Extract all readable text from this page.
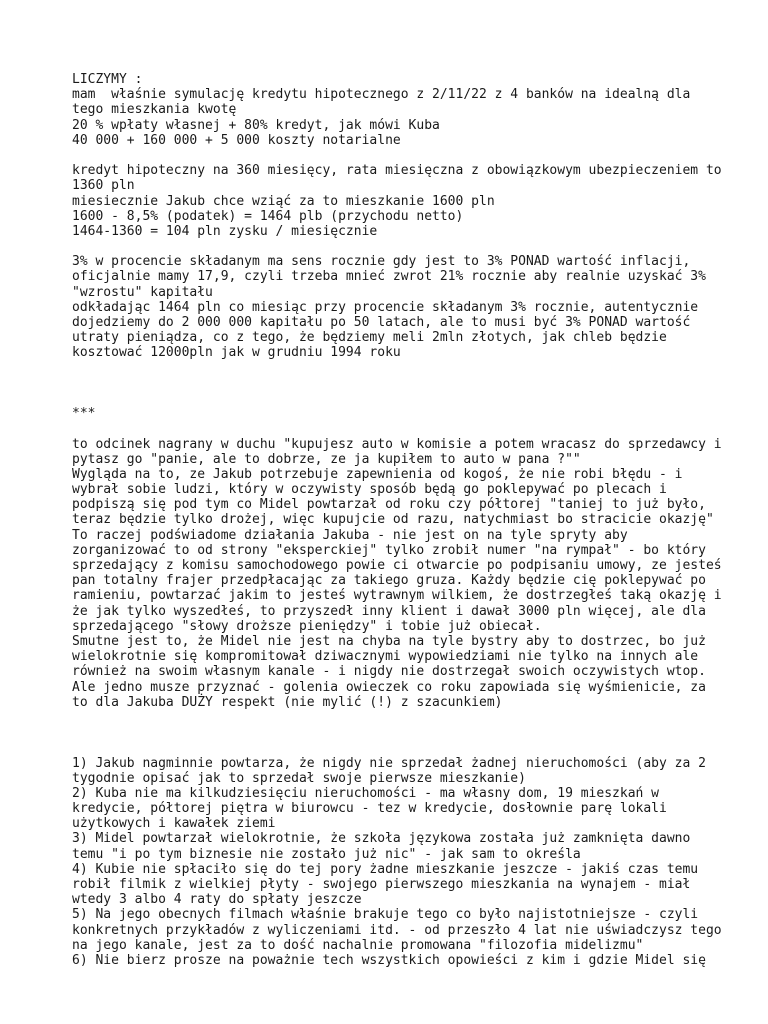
LICZYMY :
mam  właśnie symulację kredytu hipotecznego z 2/11/22 z 4 banków na idealną dla
tego mieszkania kwotę
20 % wpłaty własnej + 80% kredyt, jak mówi Kuba
40 000 + 160 000 + 5 000 koszty notarialne
kredyt hipoteczny na 360 miesięcy, rata miesięczna z obowiązkowym ubezpieczeniem to
1360 pln
miesiecznie Jakub chce wziąć za to mieszkanie 1600 pln
1600 - 8,5% (podatek) = 1464 plb (przychodu netto)
1464-1360 = 104 pln zysku / miesięcznie
3% w procencie składanym ma sens rocznie gdy jest to 3% PONAD wartość inflacji,
oficjalnie mamy 17,9, czyli trzeba mnieć zwrot 21% rocznie aby realnie uzyskać 3%
"wzrostu" kapitału
odkładając 1464 pln co miesiąc przy procencie składanym 3% rocznie, autentycznie
dojedziemy do 2 000 000 kapitału po 50 latach, ale to musi być 3% PONAD wartość
utraty pieniądza, co z tego, że będziemy meli 2mln złotych, jak chleb będzie
kosztować 12000pln jak w grudniu 1994 roku
***
to odcinek nagrany w duchu "kupujesz auto w komisie a potem wracasz do sprzedawcy i
pytasz go "panie, ale to dobrze, ze ja kupiłem to auto w pana ?""
Wygląda na to, ze Jakub potrzebuje zapewnienia od kogoś, że nie robi błędu - i
wybrał sobie ludzi, który w oczywisty sposób będą go poklepywać po plecach i
podpiszą się pod tym co Midel powtarzał od roku czy półtorej "taniej to już było,
teraz będzie tylko drożej, więc kupujcie od razu, natychmiast bo stracicie okazję"
To raczej podświadome działania Jakuba - nie jest on na tyle spryty aby
zorganizować to od strony "eksperckiej" tylko zrobił numer "na rympał" - bo który
sprzedający z komisu samochodowego powie ci otwarcie po podpisaniu umowy, ze jesteś
pan totalny frajer przedpłacając za takiego gruza. Każdy będzie cię poklepywać po
ramieniu, powtarzać jakim to jesteś wytrawnym wilkiem, że dostrzegłeś taką okazję i
że jak tylko wyszedłeś, to przyszedł inny klient i dawał 3000 pln więcej, ale dla
sprzedającego "słowy droższe pieniędzy" i tobie już obiecał.
Smutne jest to, że Midel nie jest na chyba na tyle bystry aby to dostrzec, bo już
wielokrotnie się kompromitował dziwacznymi wypowiedziami nie tylko na innych ale
również na swoim własnym kanale - i nigdy nie dostrzegał swoich oczywistych wtop.
Ale jedno musze przyznać - golenia owieczek co roku zapowiada się wyśmienicie, za
to dla Jakuba DUŻY respekt (nie mylić (!) z szacunkiem)
1) Jakub nagminnie powtarza, że nigdy nie sprzedał żadnej nieruchomości (aby za 2
tygodnie opisać jak to sprzedał swoje pierwsze mieszkanie)
2) Kuba nie ma kilkudziesięciu nieruchomości - ma własny dom, 19 mieszkań w
kredycie, półtorej piętra w biurowcu - tez w kredycie, dosłownie parę lokali
użytkowych i kawałek ziemi
3) Midel powtarzał wielokrotnie, że szkoła językowa została już zamknięta dawno
temu "i po tym biznesie nie zostało już nic" - jak sam to określa
4) Kubie nie spłaciło się do tej pory żadne mieszkanie jeszcze - jakiś czas temu
robił filmik z wielkiej płyty - swojego pierwszego mieszkania na wynajem - miał
wtedy 3 albo 4 raty do spłaty jeszcze
5) Na jego obecnych filmach właśnie brakuje tego co było najistotniejsze - czyli
konkretnych przykładów z wyliczeniami itd. - od przeszło 4 lat nie uświadczysz tego
na jego kanale, jest za to dość nachalnie promowana "filozofia midelizmu"
6) Nie bierz prosze na poważnie tech wszystkich opowieści z kim i gdzie Midel się
